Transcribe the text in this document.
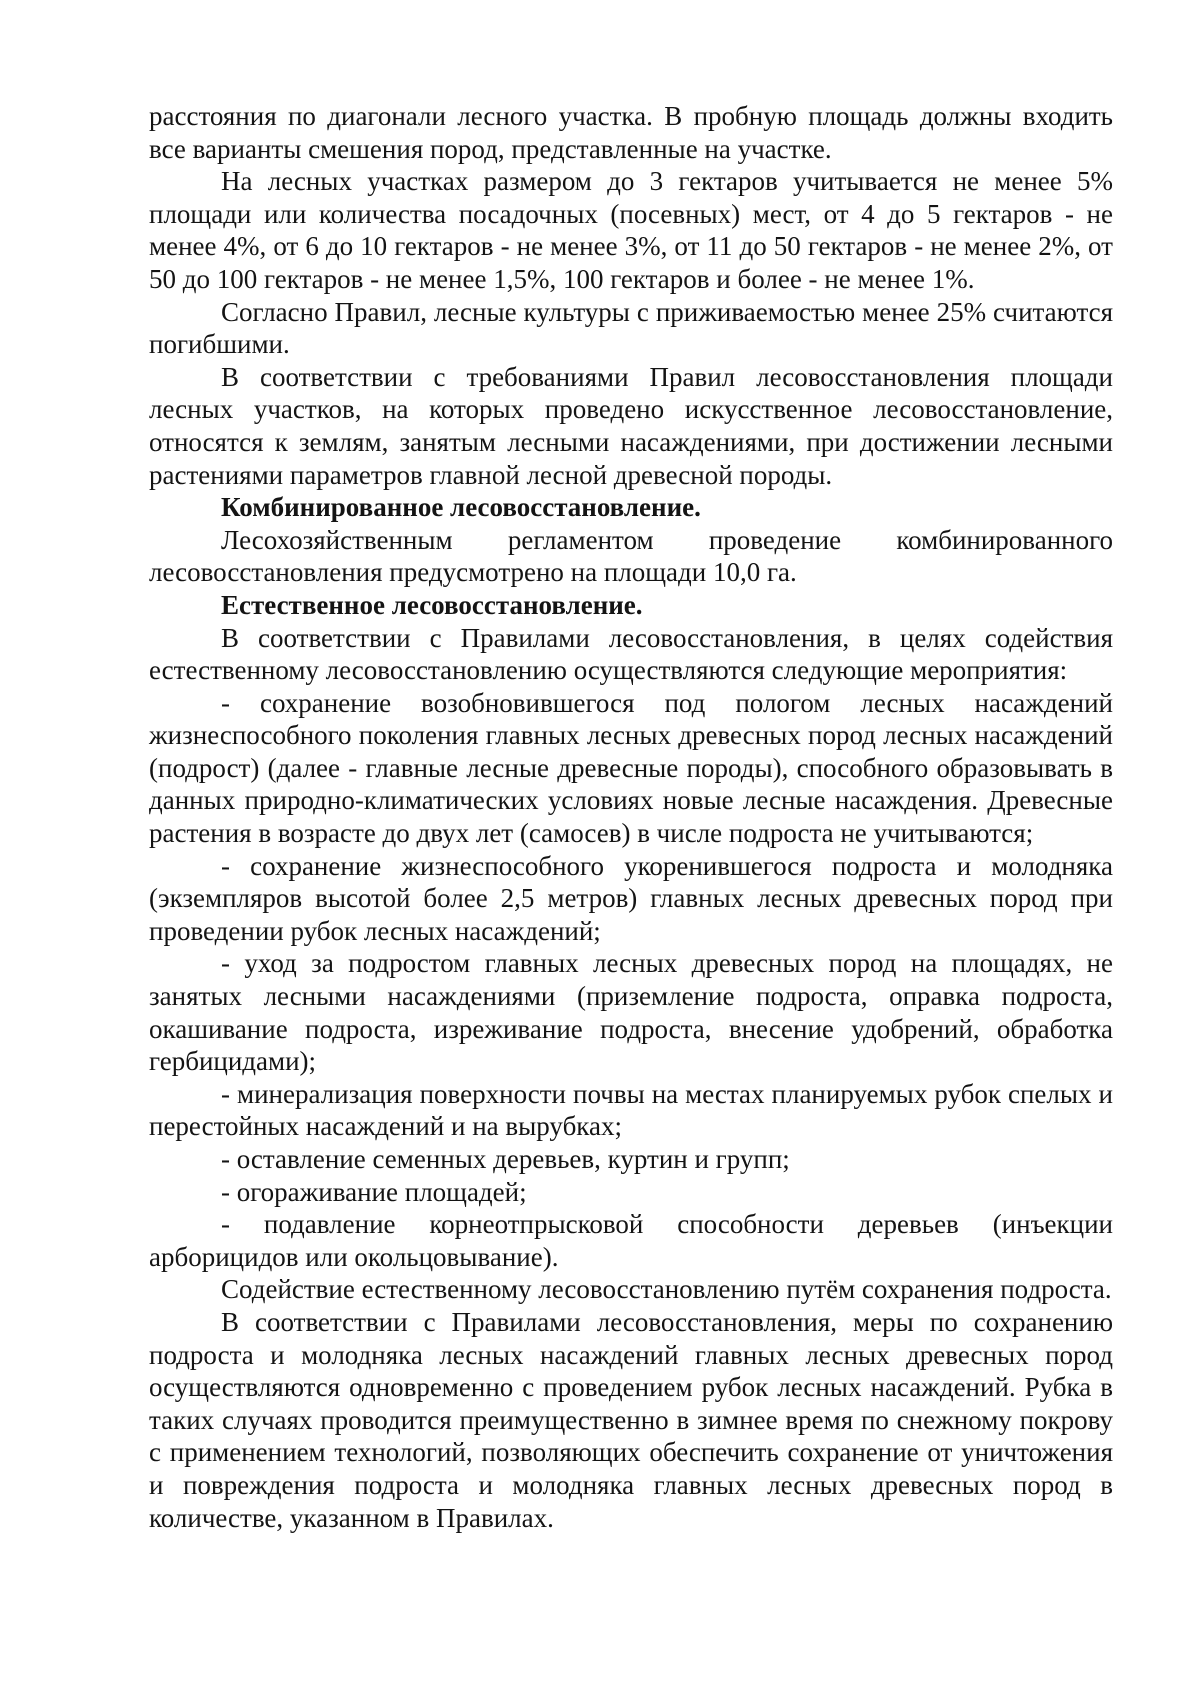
расстояния по диагонали лесного участка. В пробную площадь должны входить все варианты смешения пород, представленные на участке.

На лесных участках размером до 3 гектаров учитывается не менее 5% площади или количества посадочных (посевных) мест, от 4 до 5 гектаров - не менее 4%, от 6 до 10 гектаров - не менее 3%, от 11 до 50 гектаров - не менее 2%, от 50 до 100 гектаров - не менее 1,5%, 100 гектаров и более - не менее 1%.

Согласно Правил, лесные культуры с приживаемостью менее 25% считаются погибшими.

В соответствии с требованиями Правил лесовосстановления площади лесных участков, на которых проведено искусственное лесовосстановление, относятся к землям, занятым лесными насаждениями, при достижении лесными растениями параметров главной лесной древесной породы.

Комбинированное лесовосстановление.

Лесохозяйственным регламентом проведение комбинированного лесовосстановления предусмотрено на площади 10,0 га.

Естественное лесовосстановление.

В соответствии с Правилами лесовосстановления, в целях содействия естественному лесовосстановлению осуществляются следующие мероприятия:

- сохранение возобновившегося под пологом лесных насаждений жизнеспособного поколения главных лесных древесных пород лесных насаждений (подрост) (далее - главные лесные древесные породы), способного образовывать в данных природно-климатических условиях новые лесные насаждения. Древесные растения в возрасте до двух лет (самосев) в числе подроста не учитываются;

- сохранение жизнеспособного укоренившегося подроста и молодняка (экземпляров высотой более 2,5 метров) главных лесных древесных пород при проведении рубок лесных насаждений;

- уход за подростом главных лесных древесных пород на площадях, не занятых лесными насаждениями (приземление подроста, оправка подроста, окашивание подроста, изреживание подроста, внесение удобрений, обработка гербицидами);

- минерализация поверхности почвы на местах планируемых рубок спелых и перестойных насаждений и на вырубках;

- оставление семенных деревьев, куртин и групп;

- огораживание площадей;

- подавление корнеотпрысковой способности деревьев (инъекции арборицидов или окольцовывание).

Содействие естественному лесовосстановлению путём сохранения подроста.

В соответствии с Правилами лесовосстановления, меры по сохранению подроста и молодняка лесных насаждений главных лесных древесных пород осуществляются одновременно с проведением рубок лесных насаждений. Рубка в таких случаях проводится преимущественно в зимнее время по снежному покрову с применением технологий, позволяющих обеспечить сохранение от уничтожения и повреждения подроста и молодняка главных лесных древесных пород в количестве, указанном в Правилах.
